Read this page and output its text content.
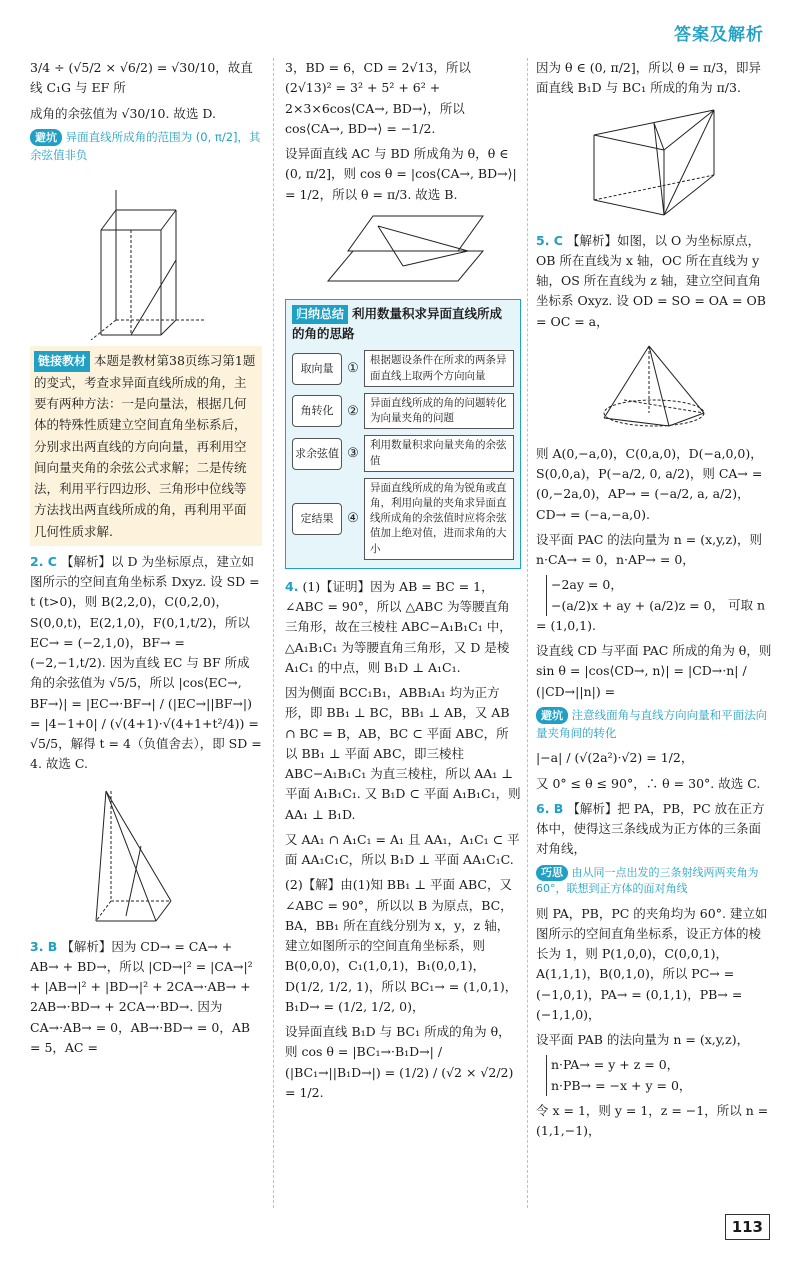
答案及解析

3/4 ÷ (√5/2 × √6/2) = √30/10，故直线 C₁G 与 EF 所

成角的余弦值为 √30/10. 故选 D.

避坑 异面直线所成角的范围为 (0, π/2]，其余弦值非负
链接教材 本题是教材第38页练习第1题的变式，考查求异面直线所成的角，主要有两种方法：一是向量法，根据几何体的特殊性质建立空间直角坐标系后，分别求出两直线的方向向量，再利用空间向量夹角的余弦公式求解；二是传统法，利用平行四边形、三角形中位线等方法找出两直线所成的角，再利用平面几何性质求解.

2. C 【解析】以 D 为坐标原点，建立如图所示的空间直角坐标系 Dxyz. 设 SD = t (t>0)，则 B(2,2,0)，C(0,2,0)，S(0,0,t)，E(2,1,0)，F(0,1,t/2)，所以 EC→ = (−2,1,0)，BF→ = (−2,−1,t/2). 因为直线 EC 与 BF 所成角的余弦值为 √5/5，所以 |cos⟨EC→, BF→⟩| = |EC→·BF→| / (|EC→||BF→|) = |4−1+0| / (√(4+1)·√(4+1+t²/4)) = √5/5，解得 t = 4（负值舍去），即 SD = 4. 故选 C.

3. B 【解析】因为 CD→ = CA→ + AB→ + BD→，所以 |CD→|² = |CA→|² + |AB→|² + |BD→|² + 2CA→·AB→ + 2AB→·BD→ + 2CA→·BD→. 因为 CA→·AB→ = 0，AB→·BD→ = 0，AB = 5，AC =

3，BD = 6，CD = 2√13，所以 (2√13)² = 3² + 5² + 6² + 2×3×6cos⟨CA→, BD→⟩，所以 cos⟨CA→, BD→⟩ = −1/2.

设异面直线 AC 与 BD 所成角为 θ，θ ∈ (0, π/2]，则 cos θ = |cos⟨CA→, BD→⟩| = 1/2，所以 θ = π/3. 故选 B.

归纳总结 利用数量积求异面直线所成的角的思路
取向量	①
根据题设条件在所求的两条异面直线上取两个方向向量
角转化	②
异面直线所成的角的问题转化为向量夹角的问题
求余弦值 ③
利用数量积求向量夹角的余弦值
定结果	④
异面直线所成的角为锐角或直角，利用向量的夹角求异面直线所成角的余弦值时应将余弦值加上绝对值，进而求角的大小

4. (1)【证明】因为 AB = BC = 1，∠ABC = 90°，所以 △ABC 为等腰直角三角形，故在三棱柱 ABC−A₁B₁C₁ 中，△A₁B₁C₁ 为等腰直角三角形，又 D 是棱 A₁C₁ 的中点，则 B₁D ⊥ A₁C₁.

因为侧面 BCC₁B₁，ABB₁A₁ 均为正方形，即 BB₁ ⊥ BC，BB₁ ⊥ AB，又 AB ∩ BC = B，AB，BC ⊂ 平面 ABC，所以 BB₁ ⊥ 平面 ABC，即三棱柱 ABC−A₁B₁C₁ 为直三棱柱，所以 AA₁ ⊥ 平面 A₁B₁C₁. 又 B₁D ⊂ 平面 A₁B₁C₁，则 AA₁ ⊥ B₁D.

又 AA₁ ∩ A₁C₁ = A₁ 且 AA₁，A₁C₁ ⊂ 平面 AA₁C₁C，所以 B₁D ⊥ 平面 AA₁C₁C.

(2)【解】由(1)知 BB₁ ⊥ 平面 ABC，又 ∠ABC = 90°，所以以 B 为原点，BC，BA，BB₁ 所在直线分别为 x，y，z 轴，建立如图所示的空间直角坐标系，则 B(0,0,0)，C₁(1,0,1)，B₁(0,0,1)，D(1/2, 1/2, 1)，所以 BC₁→ = (1,0,1)，B₁D→ = (1/2, 1/2, 0)，

设异面直线 B₁D 与 BC₁ 所成的角为 θ，则 cos θ = |BC₁→·B₁D→| / (|BC₁→||B₁D→|) = (1/2) / (√2 × √2/2) = 1/2.

因为 θ ∈ (0, π/2]，所以 θ = π/3，即异面直线 B₁D 与 BC₁ 所成的角为 π/3.

5. C 【解析】如图，以 O 为坐标原点，OB 所在直线为 x 轴，OC 所在直线为 y 轴，OS 所在直线为 z 轴，建立空间直角坐标系 Oxyz. 设 OD = SO = OA = OB = OC = a，

则 A(0,−a,0)，C(0,a,0)，D(−a,0,0)，S(0,0,a)，P(−a/2, 0, a/2)，则 CA→ = (0,−2a,0)，AP→ = (−a/2, a, a/2)，CD→ = (−a,−a,0).

设平面 PAC 的法向量为 n = (x,y,z)，则 n·CA→ = 0，n·AP→ = 0，

−2ay = 0，
−(a/2)x + ay + (a/2)z = 0， 可取 n = (1,0,1).

设直线 CD 与平面 PAC 所成的角为 θ，则 sin θ = |cos⟨CD→, n⟩| = |CD→·n| / (|CD→||n|) =

避坑 注意线面角与直线方向向量和平面法向量夹角间的转化

|−a| / (√(2a²)·√2) = 1/2，

又 0° ≤ θ ≤ 90°，∴ θ = 30°. 故选 C.

6. B 【解析】把 PA，PB，PC 放在正方体中，使得这三条线成为正方体的三条面对角线，

巧思 由从同一点出发的三条射线两两夹角为 60°，联想到正方体的面对角线

则 PA，PB，PC 的夹角均为 60°. 建立如图所示的空间直角坐标系，设正方体的棱长为 1，则 P(1,0,0)，C(0,0,1)，A(1,1,1)，B(0,1,0)，所以 PC→ = (−1,0,1)，PA→ = (0,1,1)，PB→ = (−1,1,0)，

设平面 PAB 的法向量为 n = (x,y,z)，

n·PA→ = y + z = 0，
n·PB→ = −x + y = 0，

令 x = 1，则 y = 1，z = −1，所以 n = (1,1,−1)，

113
